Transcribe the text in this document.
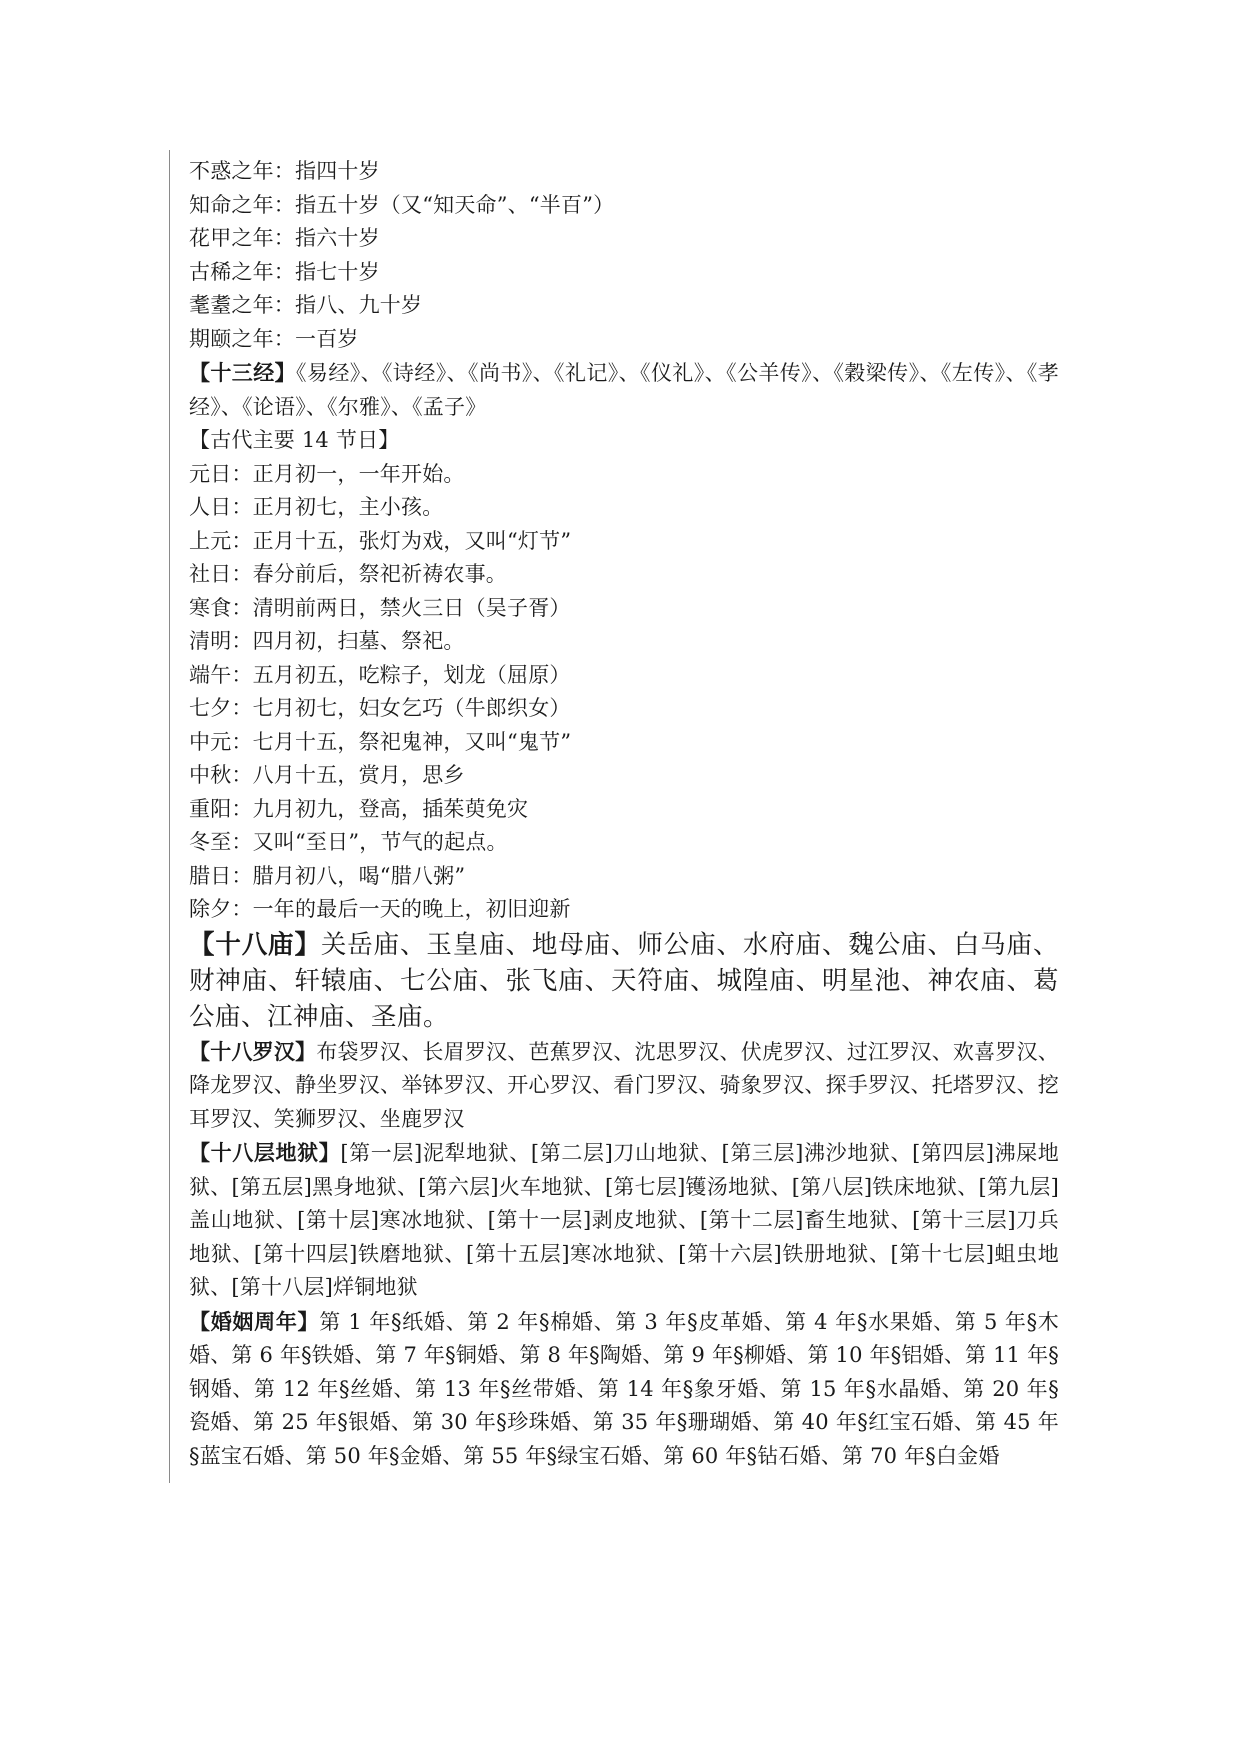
不惑之年：指四十岁
知命之年：指五十岁（又“知天命”、“半百”）
花甲之年：指六十岁
古稀之年：指七十岁
耄耋之年：指八、九十岁
期颐之年：一百岁
【十三经】《易经》、《诗经》、《尚书》、《礼记》、《仪礼》、《公羊传》、《穀梁传》、《左传》、《孝经》、《论语》、《尔雅》、《孟子》
【古代主要 14 节日】
元日：正月初一，一年开始。
人日：正月初七，主小孩。
上元：正月十五，张灯为戏，又叫“灯节”
社日：春分前后，祭祀祈祷农事。
寒食：清明前两日，禁火三日（吴子胥）
清明：四月初，扫墓、祭祀。
端午：五月初五，吃粽子，划龙（屈原）
七夕：七月初七，妇女乞巧（牛郎织女）
中元：七月十五，祭祀鬼神，又叫“鬼节”
中秋：八月十五，赏月，思乡
重阳：九月初九，登高，插茱萸免灾
冬至：又叫“至日”，节气的起点。
腊日：腊月初八，喝“腊八粥”
除夕：一年的最后一天的晚上，初旧迎新
【十八庙】关岳庙、玉皇庙、地母庙、师公庙、水府庙、魏公庙、白马庙、财神庙、轩辕庙、七公庙、张飞庙、天符庙、城隍庙、明星池、神农庙、葛公庙、江神庙、圣庙。
【十八罗汉】布袋罗汉、长眉罗汉、芭蕉罗汉、沈思罗汉、伏虎罗汉、过江罗汉、欢喜罗汉、降龙罗汉、静坐罗汉、举钵罗汉、开心罗汉、看门罗汉、骑象罗汉、探手罗汉、托塔罗汉、挖耳罗汉、笑狮罗汉、坐鹿罗汉
【十八层地狱】[第一层]泥犁地狱、[第二层]刀山地狱、[第三层]沸沙地狱、[第四层]沸屎地狱、[第五层]黑身地狱、[第六层]火车地狱、[第七层]镬汤地狱、[第八层]铁床地狱、[第九层]盖山地狱、[第十层]寒冰地狱、[第十一层]剥皮地狱、[第十二层]畜生地狱、[第十三层]刀兵地狱、[第十四层]铁磨地狱、[第十五层]寒冰地狱、[第十六层]铁册地狱、[第十七层]蛆虫地狱、[第十八层]烊铜地狱
【婚姻周年】第 1 年§纸婚、第 2 年§棉婚、第 3 年§皮革婚、第 4 年§水果婚、第 5 年§木婚、第 6 年§铁婚、第 7 年§铜婚、第 8 年§陶婚、第 9 年§柳婚、第 10 年§铝婚、第 11 年§钢婚、第 12 年§丝婚、第 13 年§丝带婚、第 14 年§象牙婚、第 15 年§水晶婚、第 20 年§瓷婚、第 25 年§银婚、第 30 年§珍珠婚、第 35 年§珊瑚婚、第 40 年§红宝石婚、第 45 年§蓝宝石婚、第 50 年§金婚、第 55 年§绿宝石婚、第 60 年§钻石婚、第 70 年§白金婚
